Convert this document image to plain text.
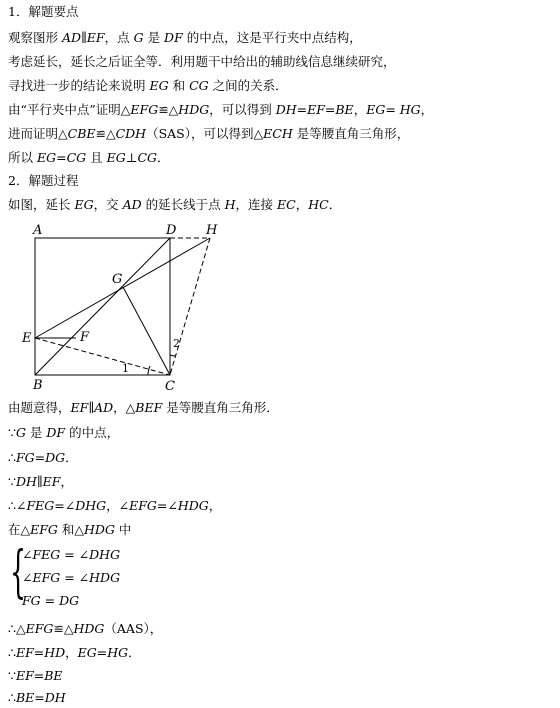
1．解题要点
观察图形 AD∥EF，点 G 是 DF 的中点，这是平行夹中点结构，
考虑延长，延长之后证全等．利用题干中给出的辅助线信息继续研究，
寻找进一步的结论来说明 EG 和 CG 之间的关系．
由“平行夹中点”证明△EFG≌△HDG，可以得到 DH=EF=BE，EG= HG，
进而证明△CBE≌△CDH（SAS），可以得到△ECH 是等腰直角三角形，
所以 EG=CG 且 EG⊥CG．
2．解题过程
如图，延长 EG，交 AD 的延长线于点 H，连接 EC，HC．
A	D H
G
E	F
B	C
1
2
由题意得，EF∥AD，△BEF 是等腰直角三角形．
∵G 是 DF 的中点，
∴FG=DG．
∵DH∥EF，
∴∠FEG=∠DHG，∠EFG=∠HDG，
在△EFG 和△HDG 中
{
∠FEG = ∠DHG
∠EFG = ∠HDG
FG = DG
∴△EFG≌△HDG（AAS），
∴EF=HD，EG=HG．
∵EF=BE
∴BE=DH
